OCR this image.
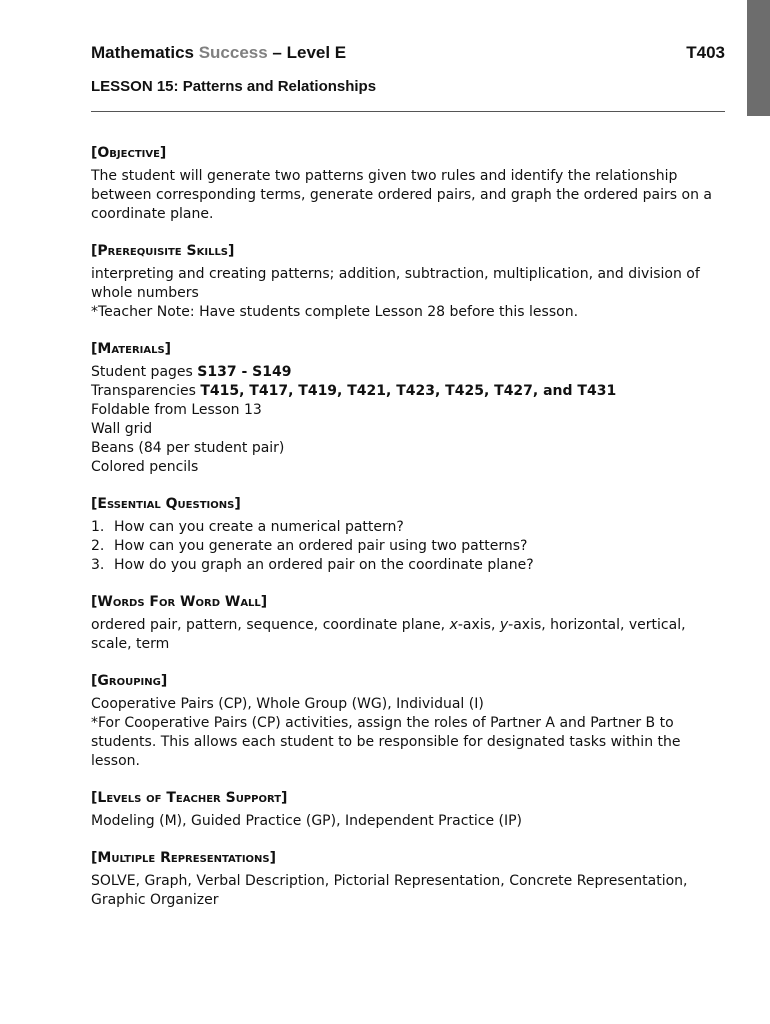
Mathematics Success – Level E	T403
LESSON 15: Patterns and Relationships
[Objective]

The student will generate two patterns given two rules and identify the relationship between corresponding terms, generate ordered pairs, and graph the ordered pairs on a coordinate plane.

[Prerequisite Skills]

interpreting and creating patterns; addition, subtraction, multiplication, and division of whole numbers

*Teacher Note: Have students complete Lesson 28 before this lesson.

[Materials]

Student pages S137 - S149

Transparencies T415, T417, T419, T421, T423, T425, T427, and T431

Foldable from Lesson 13

Wall grid

Beans (84 per student pair)

Colored pencils

[Essential Questions]
1. How can you create a numerical pattern?
2. How can you generate an ordered pair using two patterns?
3. How do you graph an ordered pair on the coordinate plane?
[Words For Word Wall]

ordered pair, pattern, sequence, coordinate plane, x-axis, y-axis, horizontal, vertical, scale, term

[Grouping]

Cooperative Pairs (CP), Whole Group (WG), Individual (I)

*For Cooperative Pairs (CP) activities, assign the roles of Partner A and Partner B to students. This allows each student to be responsible for designated tasks within the lesson.

[Levels of Teacher Support]

Modeling (M), Guided Practice (GP), Independent Practice (IP)

[Multiple Representations]

SOLVE, Graph, Verbal Description, Pictorial Representation, Concrete Representation, Graphic Organizer
